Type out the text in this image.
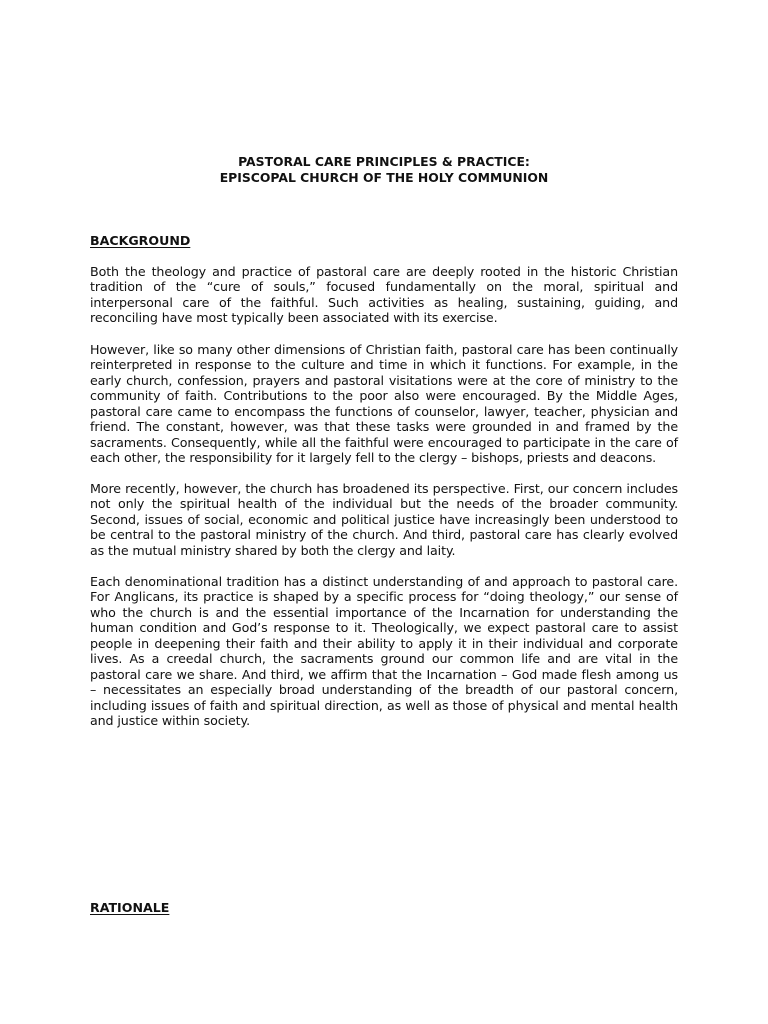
PASTORAL CARE PRINCIPLES & PRACTICE:
EPISCOPAL CHURCH OF THE HOLY COMMUNION
BACKGROUND

Both the theology and practice of pastoral care are deeply rooted in the historic Christian tradition of the “cure of souls,” focused fundamentally on the moral, spiritual and interpersonal care of the faithful. Such activities as healing, sustaining, guiding, and reconciling have most typically been associated with its exercise.

However, like so many other dimensions of Christian faith, pastoral care has been continually reinterpreted in response to the culture and time in which it functions. For example, in the early church, confession, prayers and pastoral visitations were at the core of ministry to the community of faith. Contributions to the poor also were encouraged. By the Middle Ages, pastoral care came to encompass the functions of counselor, lawyer, teacher, physician and friend. The constant, however, was that these tasks were grounded in and framed by the sacraments. Consequently, while all the faithful were encouraged to participate in the care of each other, the responsibility for it largely fell to the clergy – bishops, priests and deacons.

More recently, however, the church has broadened its perspective. First, our concern includes not only the spiritual health of the individual but the needs of the broader community. Second, issues of social, economic and political justice have increasingly been understood to be central to the pastoral ministry of the church. And third, pastoral care has clearly evolved as the mutual ministry shared by both the clergy and laity.

Each denominational tradition has a distinct understanding of and approach to pastoral care. For Anglicans, its practice is shaped by a specific process for “doing theology,” our sense of who the church is and the essential importance of the Incarnation for understanding the human condition and God’s response to it. Theologically, we expect pastoral care to assist people in deepening their faith and their ability to apply it in their individual and corporate lives. As a creedal church, the sacraments ground our common life and are vital in the pastoral care we share. And third, we affirm that the Incarnation – God made flesh among us – necessitates an especially broad understanding of the breadth of our pastoral concern, including issues of faith and spiritual direction, as well as those of physical and mental health and justice within society.

RATIONALE
